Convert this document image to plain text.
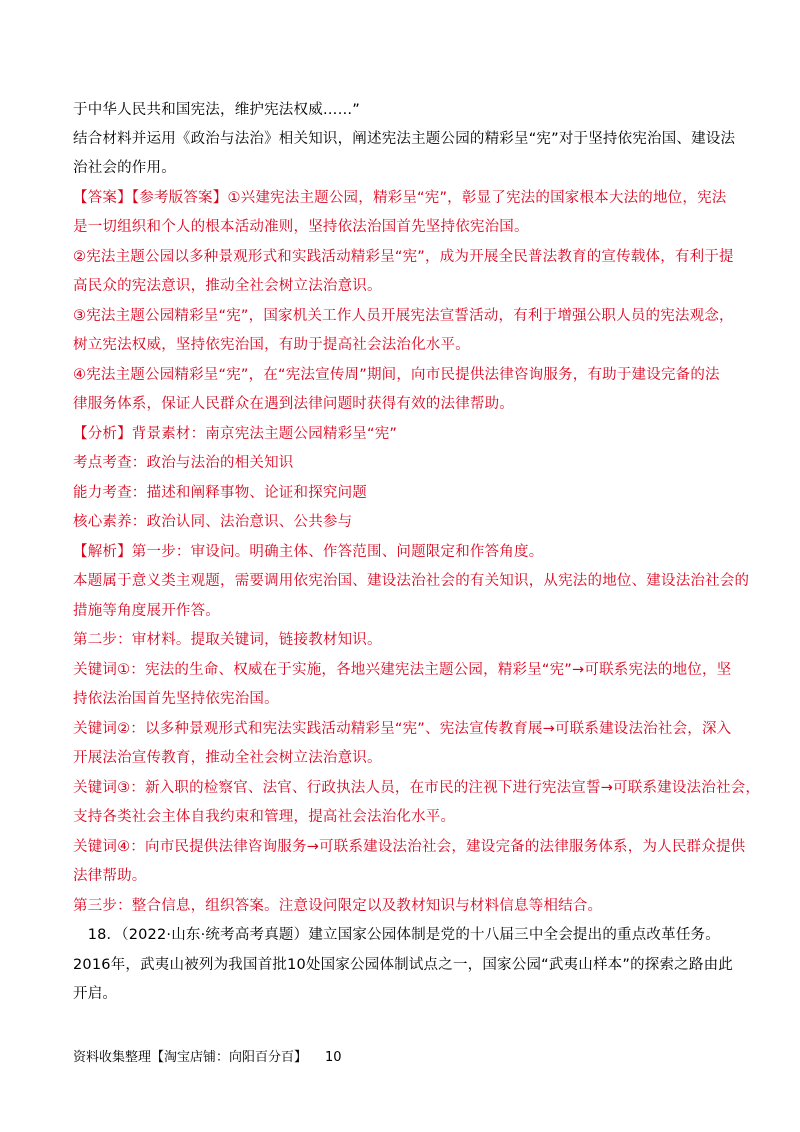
于中华人民共和国宪法，维护宪法权威……”
结合材料并运用《政治与法治》相关知识，阐述宪法主题公园的精彩呈“宪”对于坚持依宪治国、建设法
治社会的作用。
【答案】【参考版答案】①兴建宪法主题公园，精彩呈“宪”，彰显了宪法的国家根本大法的地位，宪法
是一切组织和个人的根本活动准则，坚持依法治国首先坚持依宪治国。
②宪法主题公园以多种景观形式和实践活动精彩呈“宪”，成为开展全民普法教育的宣传载体，有利于提
高民众的宪法意识，推动全社会树立法治意识。
③宪法主题公园精彩呈“宪”，国家机关工作人员开展宪法宣誓活动，有利于增强公职人员的宪法观念，
树立宪法权威，坚持依宪治国，有助于提高社会法治化水平。
④宪法主题公园精彩呈“宪”，在“宪法宣传周”期间，向市民提供法律咨询服务，有助于建设完备的法
律服务体系，保证人民群众在遇到法律问题时获得有效的法律帮助。
【分析】背景素材：南京宪法主题公园精彩呈“宪”
考点考查：政治与法治的相关知识
能力考查：描述和阐释事物、论证和探究问题
核心素养：政治认同、法治意识、公共参与
【解析】第一步：审设问。明确主体、作答范围、问题限定和作答角度。
本题属于意义类主观题，需要调用依宪治国、建设法治社会的有关知识，从宪法的地位、建设法治社会的
措施等角度展开作答。
第二步：审材料。提取关键词，链接教材知识。
关键词①：宪法的生命、权威在于实施，各地兴建宪法主题公园，精彩呈“宪”→可联系宪法的地位，坚
持依法治国首先坚持依宪治国。
关键词②：以多种景观形式和宪法实践活动精彩呈“宪”、宪法宣传教育展→可联系建设法治社会，深入
开展法治宣传教育，推动全社会树立法治意识。
关键词③：新入职的检察官、法官、行政执法人员，在市民的注视下进行宪法宣誓→可联系建设法治社会，
支持各类社会主体自我约束和管理，提高社会法治化水平。
关键词④：向市民提供法律咨询服务→可联系建设法治社会，建设完备的法律服务体系，为人民群众提供
法律帮助。
第三步：整合信息，组织答案。注意设问限定以及教材知识与材料信息等相结合。
　18．（2022·山东·统考高考真题）建立国家公园体制是党的十八届三中全会提出的重点改革任务。
2016年，武夷山被列为我国首批10处国家公园体制试点之一，国家公园“武夷山样本”的探索之路由此
开启。
资料收集整理【淘宝店铺：向阳百分百】 10
